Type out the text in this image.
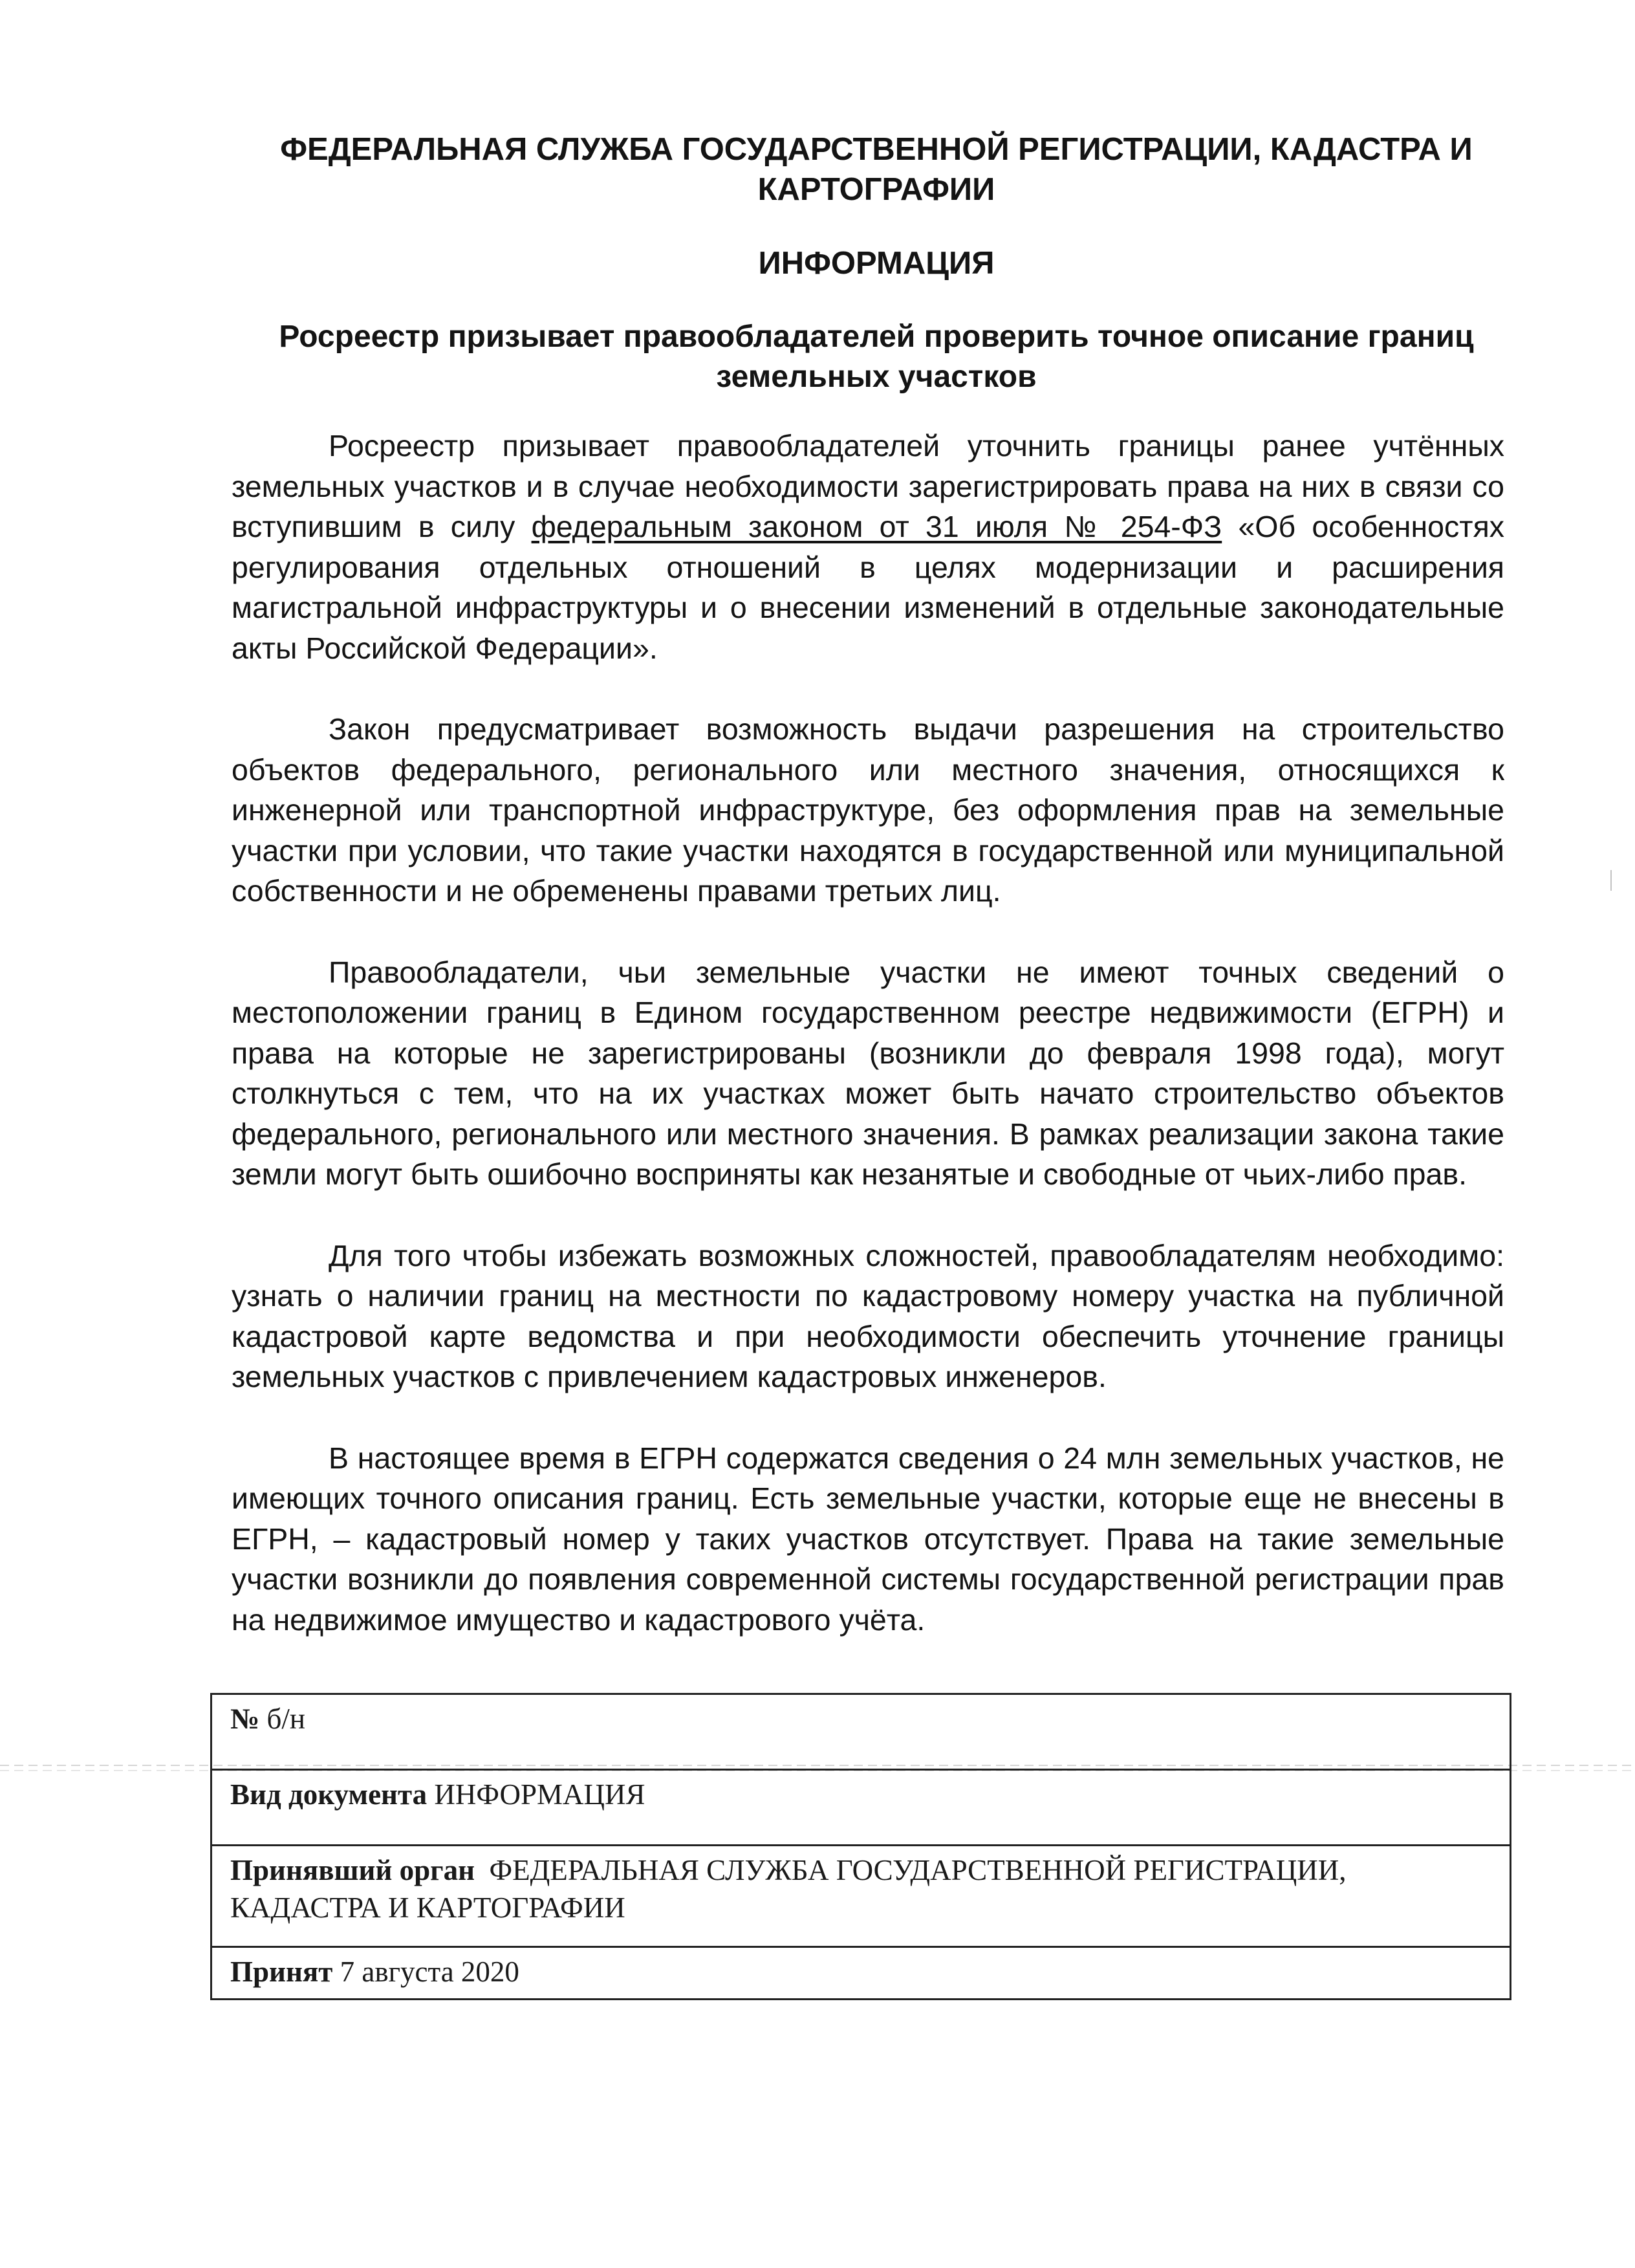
ФЕДЕРАЛЬНАЯ СЛУЖБА ГОСУДАРСТВЕННОЙ РЕГИСТРАЦИИ, КАДАСТРА И КАРТОГРАФИИ
ИНФОРМАЦИЯ
Росреестр призывает правообладателей проверить точное описание границ земельных участков

Росреестр призывает правообладателей уточнить границы ранее учтённых земельных участков и в случае необходимости зарегистрировать права на них в связи со вступившим в силу федеральным законом от 31 июля № 254-ФЗ «Об особенностях регулирования отдельных отношений в целях модернизации и расширения магистральной инфраструктуры и о внесении изменений в отдельные законодательные акты Российской Федерации».

Закон предусматривает возможность выдачи разрешения на строительство объектов федерального, регионального или местного значения, относящихся к инженерной или транспортной инфраструктуре, без оформления прав на земельные участки при условии, что такие участки находятся в государственной или муниципальной собственности и не обременены правами третьих лиц.

Правообладатели, чьи земельные участки не имеют точных сведений о местоположении границ в Едином государственном реестре недвижимости (ЕГРН) и права на которые не зарегистрированы (возникли до февраля 1998 года), могут столкнуться с тем, что на их участках может быть начато строительство объектов федерального, регионального или местного значения. В рамках реализации закона такие земли могут быть ошибочно восприняты как незанятые и свободные от чьих-либо прав.

Для того чтобы избежать возможных сложностей, правообладателям необходимо: узнать о наличии границ на местности по кадастровому номеру участка на публичной кадастровой карте ведомства и при необходимости обеспечить уточнение границы земельных участков с привлечением кадастровых инженеров.

В настоящее время в ЕГРН содержатся сведения о 24 млн земельных участков, не имеющих точного описания границ. Есть земельные участки, которые еще не внесены в ЕГРН, – кадастровый номер у таких участков отсутствует. Права на такие земельные участки возникли до появления современной системы государственной регистрации прав на недвижимое имущество и кадастрового учёта.

№ б/н
Вид документа ИНФОРМАЦИЯ
Принявший орган ФЕДЕРАЛЬНАЯ СЛУЖБА ГОСУДАРСТВЕННОЙ РЕГИСТРАЦИИ, КАДАСТРА И КАРТОГРАФИИ
Принят 7 августа 2020
